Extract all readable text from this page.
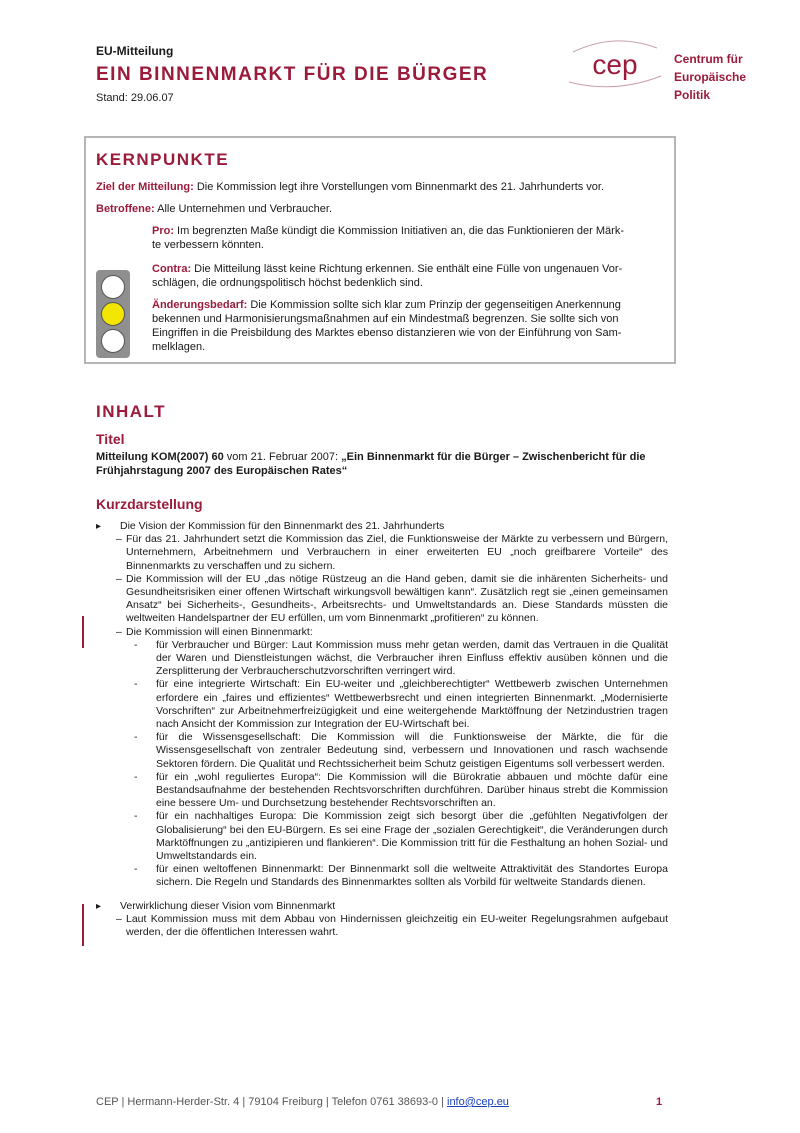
EU-Mitteilung
EIN BINNENMARKT FÜR DIE BÜRGER
Stand: 29.06.07
cep	Centrum für
Europäische
Politik
KERNPUNKTE
Ziel der Mitteilung: Die Kommission legt ihre Vorstellungen vom Binnenmarkt des 21. Jahrhunderts vor.
Betroffene: Alle Unternehmen und Verbraucher.
Pro: Im begrenzten Maße kündigt die Kommission Initiativen an, die das Funktionieren der Märk-
te verbessern könnten.
Contra: Die Mitteilung lässt keine Richtung erkennen. Sie enthält eine Fülle von ungenauen Vor-
schlägen, die ordnungspolitisch höchst bedenklich sind.
Änderungsbedarf: Die Kommission sollte sich klar zum Prinzip der gegenseitigen Anerkennung
bekennen und Harmonisierungsmaßnahmen auf ein Mindestmaß begrenzen. Sie sollte sich von
Eingriffen in die Preisbildung des Marktes ebenso distanzieren wie von der Einführung von Sam-
melklagen.
INHALT
Titel
Mitteilung KOM(2007) 60 vom 21. Februar 2007: „Ein Binnenmarkt für die Bürger – Zwischenbericht für die Frühjahrstagung 2007 des Europäischen Rates“
Kurzdarstellung
▸ Die Vision der Kommission für den Binnenmarkt des 21. Jahrhunderts
– Für das 21. Jahrhundert setzt die Kommission das Ziel, die Funktionsweise der Märkte zu verbessern und Bürgern, Unternehmern, Arbeitnehmern und Verbrauchern in einer erweiterten EU „noch greifbarere Vorteile“ des Binnenmarkts zu verschaffen und zu sichern.
– Die Kommission will der EU „das nötige Rüstzeug an die Hand geben, damit sie die inhärenten Sicherheits- und Gesundheitsrisiken einer offenen Wirtschaft wirkungsvoll bewältigen kann“. Zusätzlich regt sie „einen gemeinsamen Ansatz“ bei Sicherheits-, Gesundheits-, Arbeitsrechts- und Umweltstandards an. Diese Standards müssten die weltweiten Handelspartner der EU erfüllen, um vom Binnenmarkt „profitieren“ zu können.
– Die Kommission will einen Binnenmarkt:
- für Verbraucher und Bürger: Laut Kommission muss mehr getan werden, damit das Vertrauen in die Qualität der Waren und Dienstleistungen wächst, die Verbraucher ihren Einfluss effektiv ausüben können und die Zersplitterung der Verbraucherschutzvorschriften verringert wird.
- für eine integrierte Wirtschaft: Ein EU-weiter und „gleichberechtigter“ Wettbewerb zwischen Unternehmen erfordere ein „faires und effizientes“ Wettbewerbsrecht und einen integrierten Binnenmarkt. „Modernisierte Vorschriften“ zur Arbeitnehmerfreizügigkeit und eine weitergehende Marktöffnung der Netzindustrien tragen nach Ansicht der Kommission zur Integration der EU-Wirtschaft bei.
- für die Wissensgesellschaft: Die Kommission will die Funktionsweise der Märkte, die für die Wissensgesellschaft von zentraler Bedeutung sind, verbessern und Innovationen und rasch wachsende Sektoren fördern. Die Qualität und Rechtssicherheit beim Schutz geistigen Eigentums soll verbessert werden.
- für ein „wohl reguliertes Europa“: Die Kommission will die Bürokratie abbauen und möchte dafür eine Bestandsaufnahme der bestehenden Rechtsvorschriften durchführen. Darüber hinaus strebt die Kommission eine bessere Um- und Durchsetzung bestehender Rechtsvorschriften an.
- für ein nachhaltiges Europa: Die Kommission zeigt sich besorgt über die „gefühlten Negativfolgen der Globalisierung“ bei den EU-Bürgern. Es sei eine Frage der „sozialen Gerechtigkeit“, die Veränderungen durch Marktöffnungen zu „antizipieren und flankieren“. Die Kommission tritt für die Festhaltung an hohen Sozial- und Umweltstandards ein.
- für einen weltoffenen Binnenmarkt: Der Binnenmarkt soll die weltweite Attraktivität des Standortes Europa sichern. Die Regeln und Standards des Binnenmarktes sollten als Vorbild für weltweite Standards dienen.
▸ Verwirklichung dieser Vision vom Binnenmarkt
– Laut Kommission muss mit dem Abbau von Hindernissen gleichzeitig ein EU-weiter Regelungsrahmen aufgebaut werden, der die öffentlichen Interessen wahrt.
CEP | Hermann-Herder-Str. 4 | 79104 Freiburg | Telefon 0761 38693-0 | info@cep.eu	1
